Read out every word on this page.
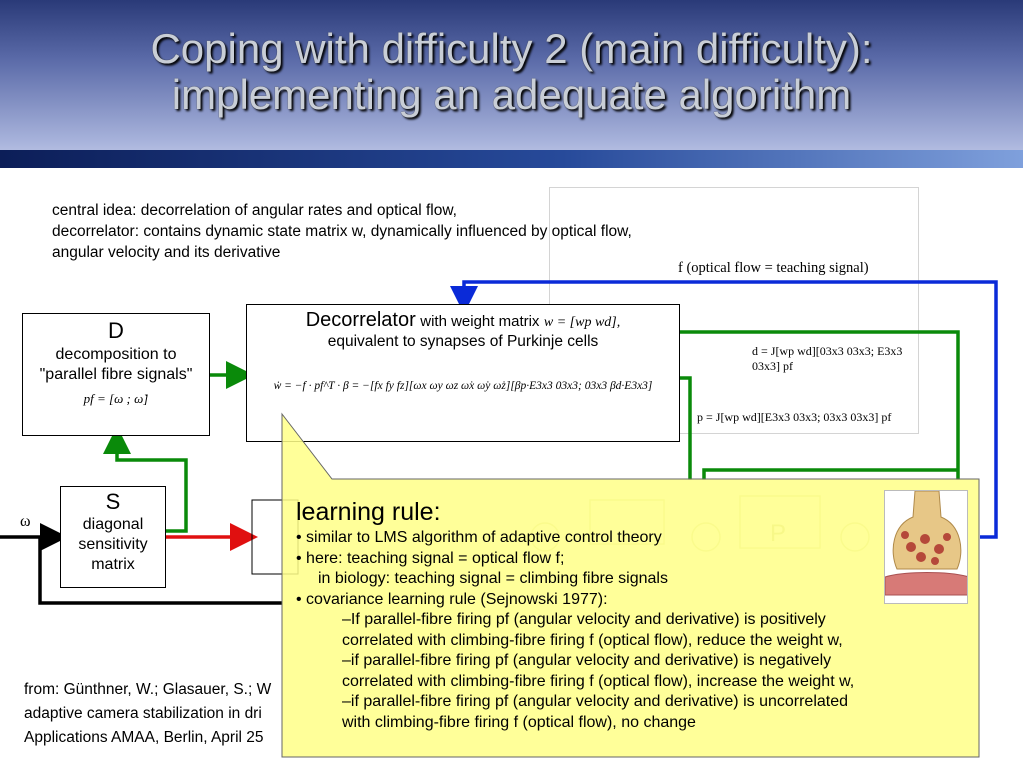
Coping with difficulty 2 (main difficulty):
implementing an adequate algorithm
central idea: decorrelation of angular rates and optical flow,
decorrelator: contains dynamic state matrix w, dynamically influenced by optical flow,
angular velocity and its derivative
D
decomposition to
"parallel fibre signals"
pf = [ω ; ω̇]
Decorrelator with weight matrix w = [wp wd],
equivalent to synapses of Purkinje cells
ẇ = −f · pf^T · β = −[fx fy fz][ωx ωy ωz ω̇x ω̇y ω̇z][βp·E3x3 03x3; 03x3 βd·E3x3]
f (optical flow = teaching signal)
d = J[wp wd][03x3 03x3; E3x3 03x3] pf
p = J[wp wd][E3x3 03x3; 03x3 03x3] pf
S
diagonal
sensitivity
matrix
ω
from: Günthner, W.; Glasauer, S.; W
adaptive camera stabilization in dri
Applications AMAA, Berlin, April 25
learning rule:
• similar to LMS algorithm of adaptive control theory
• here: teaching signal = optical flow f;
in biology: teaching signal = climbing fibre signals
• covariance learning rule (Sejnowski 1977):
–If parallel-fibre firing pf (angular velocity and derivative) is positively
correlated with climbing-fibre firing f (optical flow), reduce the weight w,
–if parallel-fibre firing pf (angular velocity and derivative) is negatively
correlated with climbing-fibre firing f (optical flow), increase the weight w,
–if parallel-fibre firing pf (angular velocity and derivative) is uncorrelated
with climbing-fibre firing f (optical flow), no change
